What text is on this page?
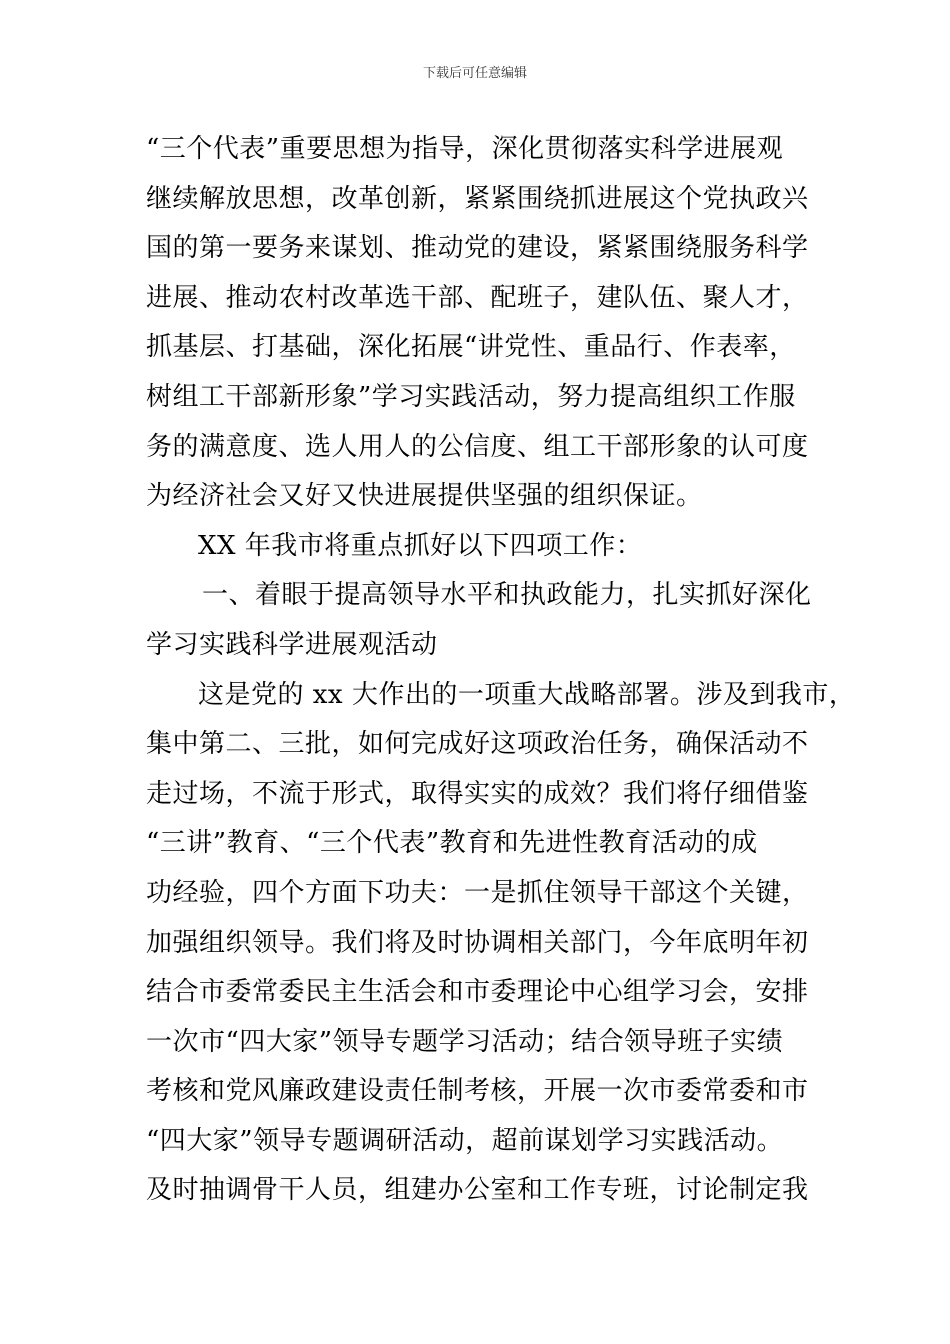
下载后可任意编辑
“三个代表”重要思想为指导，深化贯彻落实科学进展观
继续解放思想，改革创新，紧紧围绕抓进展这个党执政兴
国的第一要务来谋划、推动党的建设，紧紧围绕服务科学
进展、推动农村改革选干部、配班子，建队伍、聚人才，
抓基层、打基础，深化拓展“讲党性、重品行、作表率，
树组工干部新形象”学习实践活动，努力提高组织工作服
务的满意度、选人用人的公信度、组工干部形象的认可度
为经济社会又好又快进展提供坚强的组织保证。
XX 年我市将重点抓好以下四项工作：
一、着眼于提高领导水平和执政能力，扎实抓好深化
学习实践科学进展观活动
这是党的 xx 大作出的一项重大战略部署。涉及到我市，
集中第二、三批，如何完成好这项政治任务，确保活动不
走过场，不流于形式，取得实实的成效？我们将仔细借鉴
“三讲”教育、“三个代表”教育和先进性教育活动的成
功经验，四个方面下功夫：一是抓住领导干部这个关键，
加强组织领导。我们将及时协调相关部门，今年底明年初
结合市委常委民主生活会和市委理论中心组学习会，安排
一次市“四大家”领导专题学习活动；结合领导班子实绩
考核和党风廉政建设责任制考核，开展一次市委常委和市
“四大家”领导专题调研活动，超前谋划学习实践活动。
及时抽调骨干人员，组建办公室和工作专班，讨论制定我
